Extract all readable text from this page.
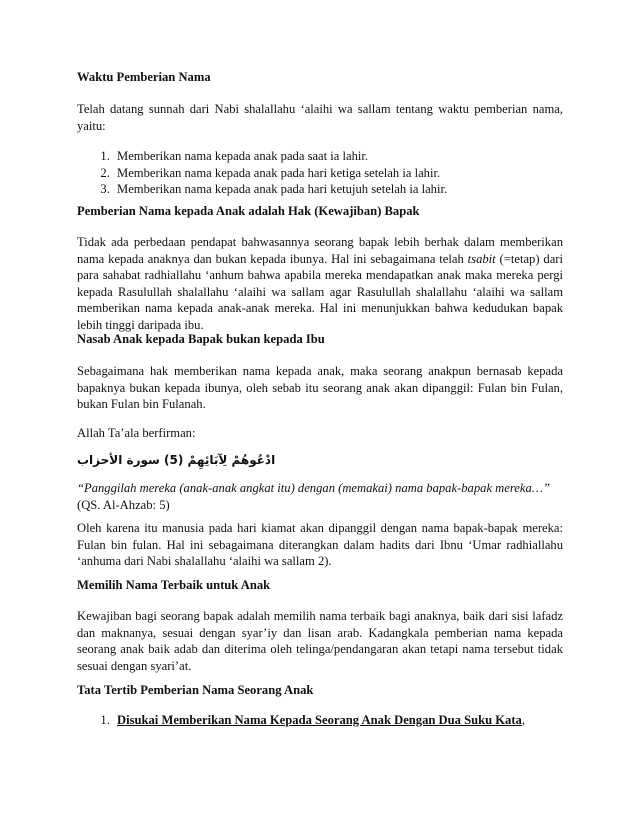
Waktu Pemberian Nama

Telah datang sunnah dari Nabi shalallahu ‘alaihi wa sallam tentang waktu pemberian nama, yaitu:

1. Memberikan nama kepada anak pada saat ia lahir.
2. Memberikan nama kepada anak pada hari ketiga setelah ia lahir.
3. Memberikan nama kepada anak pada hari ketujuh setelah ia lahir.
Pemberian Nama kepada Anak adalah Hak (Kewajiban) Bapak

Tidak ada perbedaan pendapat bahwasannya seorang bapak lebih berhak dalam memberikan nama kepada anaknya dan bukan kepada ibunya. Hal ini sebagaimana telah tsabit (=tetap) dari para sahabat radhiallahu ‘anhum bahwa apabila mereka mendapatkan anak maka mereka pergi kepada Rasulullah shalallahu ‘alaihi wa sallam agar Rasulullah shalallahu ‘alaihi wa sallam memberikan nama kepada anak-anak mereka. Hal ini menunjukkan bahwa kedudukan bapak lebih tinggi daripada ibu.

Nasab Anak kepada Bapak bukan kepada Ibu

Sebagaimana hak memberikan nama kepada anak, maka seorang anakpun bernasab kepada bapaknya bukan kepada ibunya, oleh sebab itu seorang anak akan dipanggil: Fulan bin Fulan, bukan Fulan bin Fulanah.

Allah Ta’ala berfirman:

ادْعُوهُمْ لِآبَائِهِمْ (5) سورة الأحزاب

“Panggilah mereka (anak-anak angkat itu) dengan (memakai) nama bapak-bapak mereka…”

(QS. Al-Ahzab: 5)

Oleh karena itu manusia pada hari kiamat akan dipanggil dengan nama bapak-bapak mereka: Fulan bin fulan. Hal ini sebagaimana diterangkan dalam hadits dari Ibnu ‘Umar radhiallahu ‘anhuma dari Nabi shalallahu ‘alaihi wa sallam 2).

Memilih Nama Terbaik untuk Anak

Kewajiban bagi seorang bapak adalah memilih nama terbaik bagi anaknya, baik dari sisi lafadz dan maknanya, sesuai dengan syar’iy dan lisan arab. Kadangkala pemberian nama kepada seorang anak baik adab dan diterima oleh telinga/pendangaran akan tetapi nama tersebut tidak sesuai dengan syari’at.

Tata Tertib Pemberian Nama Seorang Anak
1. Disukai Memberikan Nama Kepada Seorang Anak Dengan Dua Suku Kata,
